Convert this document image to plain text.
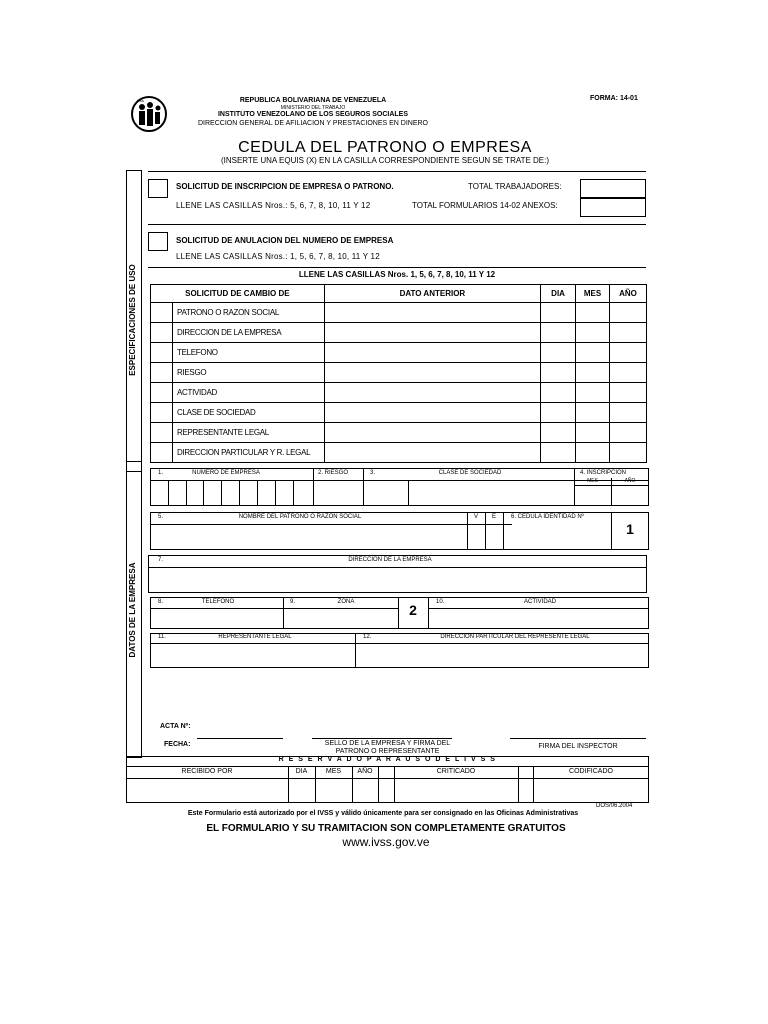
ivss	REPUBLICA BOLIVARIANA DE VENEZUELA
MINISTERIO DEL TRABAJO
INSTITUTO VENEZOLANO DE LOS SEGUROS SOCIALES
DIRECCION GENERAL DE AFILIACION Y PRESTACIONES EN DINERO
FORMA: 14-01
CEDULA DEL PATRONO O EMPRESA
(INSERTE UNA EQUIS (X) EN LA CASILLA CORRESPONDIENTE SEGUN SE TRATE DE:)
ESPECIFICACIONES DE USO
DATOS DE LA EMPRESA
SOLICITUD DE INSCRIPCION DE EMPRESA O PATRONO.
LLENE LAS CASILLAS Nros.: 5, 6, 7, 8, 10, 11 Y 12
TOTAL TRABAJADORES:
TOTAL FORMULARIOS 14-02 ANEXOS:
SOLICITUD DE ANULACION DEL NUMERO DE EMPRESA
LLENE LAS CASILLAS Nros.: 1, 5, 6, 7, 8, 10, 11 Y 12
LLENE LAS CASILLAS Nros. 1, 5, 6, 7, 8, 10, 11 Y 12
SOLICITUD DE CAMBIO DE	DATO ANTERIOR	DIA	MES	AÑO

PATRONO O RAZON SOCIAL				

DIRECCION DE LA EMPRESA				

TELEFONO				

RIESGO				

ACTIVIDAD				

CLASE DE SOCIEDAD				

REPRESENTANTE LEGAL				

DIRECCION PARTICULAR Y R. LEGAL				

1.	NUMERO DE EMPRESA	2. RIESGO	3.	CLASE DE SOCIEDAD	4. INSCRIPCION
MES	AÑO
5.	NOMBRE DEL PATRONO O RAZON SOCIAL	V	E	6. CEDULA IDENTIDAD Nº
1
7.	DIRECCION DE LA EMPRESA
8.	TELEFONO	9.	ZONA	2	10.	ACTIVIDAD
11.	REPRESENTANTE LEGAL	12.	DIRECCION PARTICULAR DEL REPRESENTE LEGAL
ACTA Nº:
FECHA:	SELLO DE LA EMPRESA Y FIRMA DEL
PATRONO O REPRESENTANTE
FIRMA DEL INSPECTOR
R E S E R V A D O P A R A U S O D E L I V S S
RECIBIDO POR	DIA	MES	AÑO	CRITICADO	CODIFICADO
DOS/06.2004
Este Formulario está autorizado por el IVSS y válido únicamente para ser consignado en las Oficinas Administrativas
EL FORMULARIO Y SU TRAMITACION SON COMPLETAMENTE GRATUITOS
www.ivss.gov.ve
